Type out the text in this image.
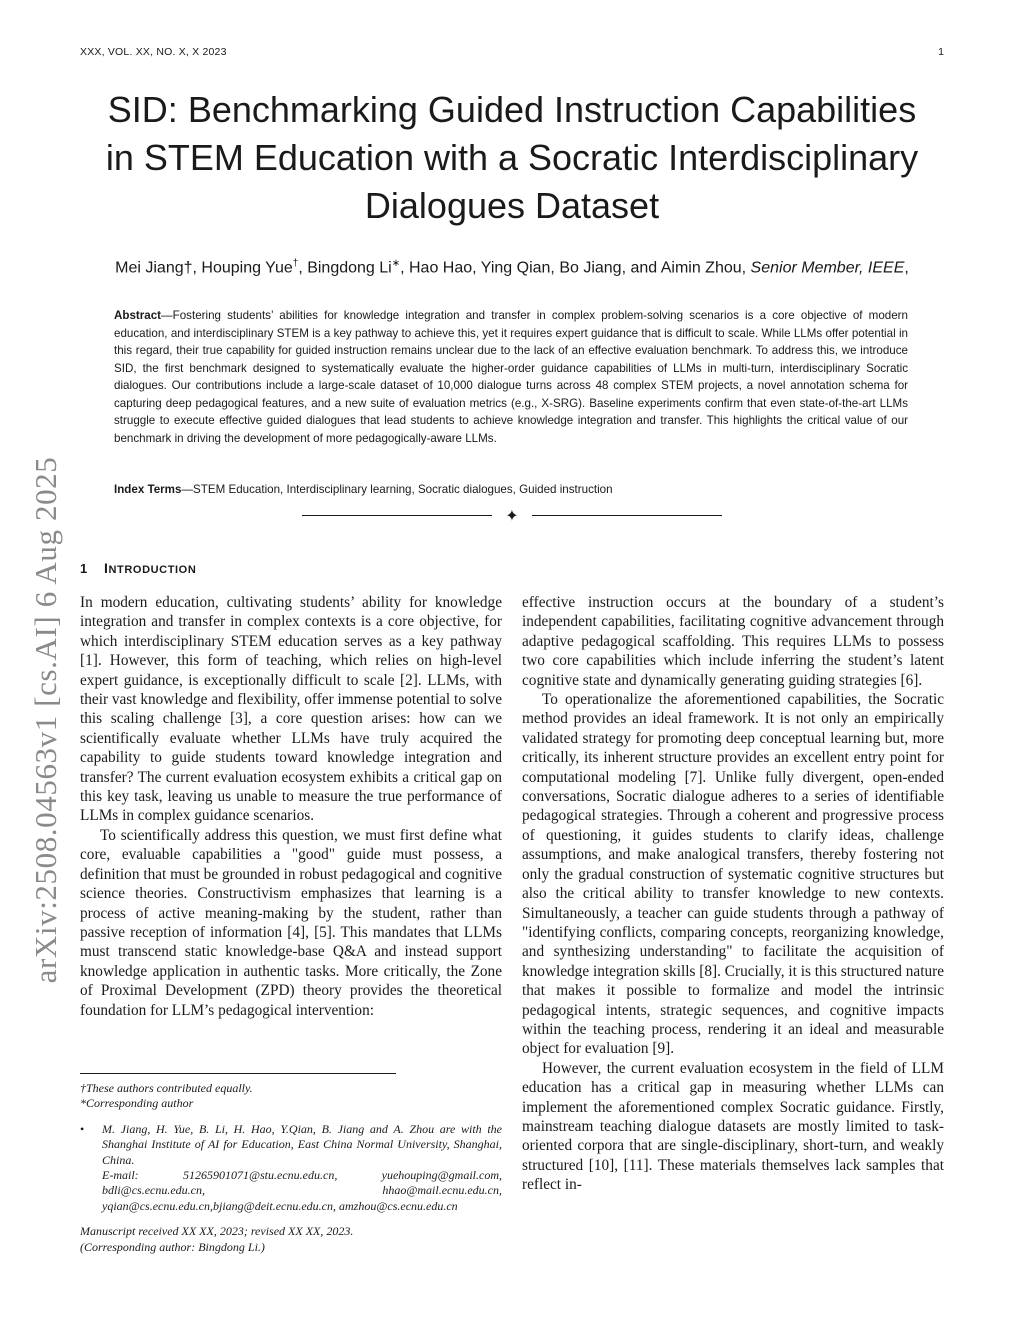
XXX, VOL. XX, NO. X, X 2023	1
arXiv:2508.04563v1 [cs.AI] 6 Aug 2025
SID: Benchmarking Guided Instruction Capabilities
in STEM Education with a Socratic Interdisciplinary
Dialogues Dataset
Mei Jiang†, Houping Yue†, Bingdong Li∗, Hao Hao, Ying Qian, Bo Jiang, and Aimin Zhou, Senior Member, IEEE,
Abstract—Fostering students’ abilities for knowledge integration and transfer in complex problem-solving scenarios is a core objective of modern education, and interdisciplinary STEM is a key pathway to achieve this, yet it requires expert guidance that is difficult to scale. While LLMs offer potential in this regard, their true capability for guided instruction remains unclear due to the lack of an effective evaluation benchmark. To address this, we introduce SID, the first benchmark designed to systematically evaluate the higher-order guidance capabilities of LLMs in multi-turn, interdisciplinary Socratic dialogues. Our contributions include a large-scale dataset of 10,000 dialogue turns across 48 complex STEM projects, a novel annotation schema for capturing deep pedagogical features, and a new suite of evaluation metrics (e.g., X-SRG). Baseline experiments confirm that even state-of-the-art LLMs struggle to execute effective guided dialogues that lead students to achieve knowledge integration and transfer. This highlights the critical value of our benchmark in driving the development of more pedagogically-aware LLMs.
Index Terms—STEM Education, Interdisciplinary learning, Socratic dialogues, Guided instruction
✦
1 INTRODUCTION

In modern education, cultivating students’ ability for knowledge integration and transfer in complex contexts is a core objective, for which interdisciplinary STEM education serves as a key pathway [1]. However, this form of teaching, which relies on high-level expert guidance, is exceptionally difficult to scale [2]. LLMs, with their vast knowledge and flexibility, offer immense potential to solve this scaling challenge [3], a core question arises: how can we scientifically evaluate whether LLMs have truly acquired the capability to guide students toward knowledge integration and transfer? The current evaluation ecosystem exhibits a critical gap on this key task, leaving us unable to measure the true performance of LLMs in complex guidance scenarios.

To scientifically address this question, we must first define what core, evaluable capabilities a "good" guide must possess, a definition that must be grounded in robust pedagogical and cognitive science theories. Constructivism emphasizes that learning is a process of active meaning-making by the student, rather than passive reception of information [4], [5]. This mandates that LLMs must transcend static knowledge-base Q&A and instead support knowledge application in authentic tasks. More critically, the Zone of Proximal Development (ZPD) theory provides the theoretical foundation for LLM’s pedagogical intervention:

effective instruction occurs at the boundary of a student’s independent capabilities, facilitating cognitive advancement through adaptive pedagogical scaffolding. This requires LLMs to possess two core capabilities which include inferring the student’s latent cognitive state and dynamically generating guiding strategies [6].

To operationalize the aforementioned capabilities, the Socratic method provides an ideal framework. It is not only an empirically validated strategy for promoting deep conceptual learning but, more critically, its inherent structure provides an excellent entry point for computational modeling [7]. Unlike fully divergent, open-ended conversations, Socratic dialogue adheres to a series of identifiable pedagogical strategies. Through a coherent and progressive process of questioning, it guides students to clarify ideas, challenge assumptions, and make analogical transfers, thereby fostering not only the gradual construction of systematic cognitive structures but also the critical ability to transfer knowledge to new contexts. Simultaneously, a teacher can guide students through a pathway of "identifying conflicts, comparing concepts, reorganizing knowledge, and synthesizing understanding" to facilitate the acquisition of knowledge integration skills [8]. Crucially, it is this structured nature that makes it possible to formalize and model the intrinsic pedagogical intents, strategic sequences, and cognitive impacts within the teaching process, rendering it an ideal and measurable object for evaluation [9].

However, the current evaluation ecosystem in the field of LLM education has a critical gap in measuring whether LLMs can implement the aforementioned complex Socratic guidance. Firstly, mainstream teaching dialogue datasets are mostly limited to task-oriented corpora that are single-disciplinary, short-turn, and weakly structured [10], [11]. These materials themselves lack samples that reflect in-

†These authors contributed equally.

*Corresponding author

•	M. Jiang, H. Yue, B. Li, H. Hao, Y.Qian, B. Jiang and A. Zhou are with the Shanghai Institute of AI for Education, East China Normal University, Shanghai, China.

E-mail: 51265901071@stu.ecnu.edu.cn, yuehouping@gmail.com, bdli@cs.ecnu.edu.cn, hhao@mail.ecnu.edu.cn, yqian@cs.ecnu.edu.cn,bjiang@deit.ecnu.edu.cn, amzhou@cs.ecnu.edu.cn

Manuscript received XX XX, 2023; revised XX XX, 2023.

(Corresponding author: Bingdong Li.)
